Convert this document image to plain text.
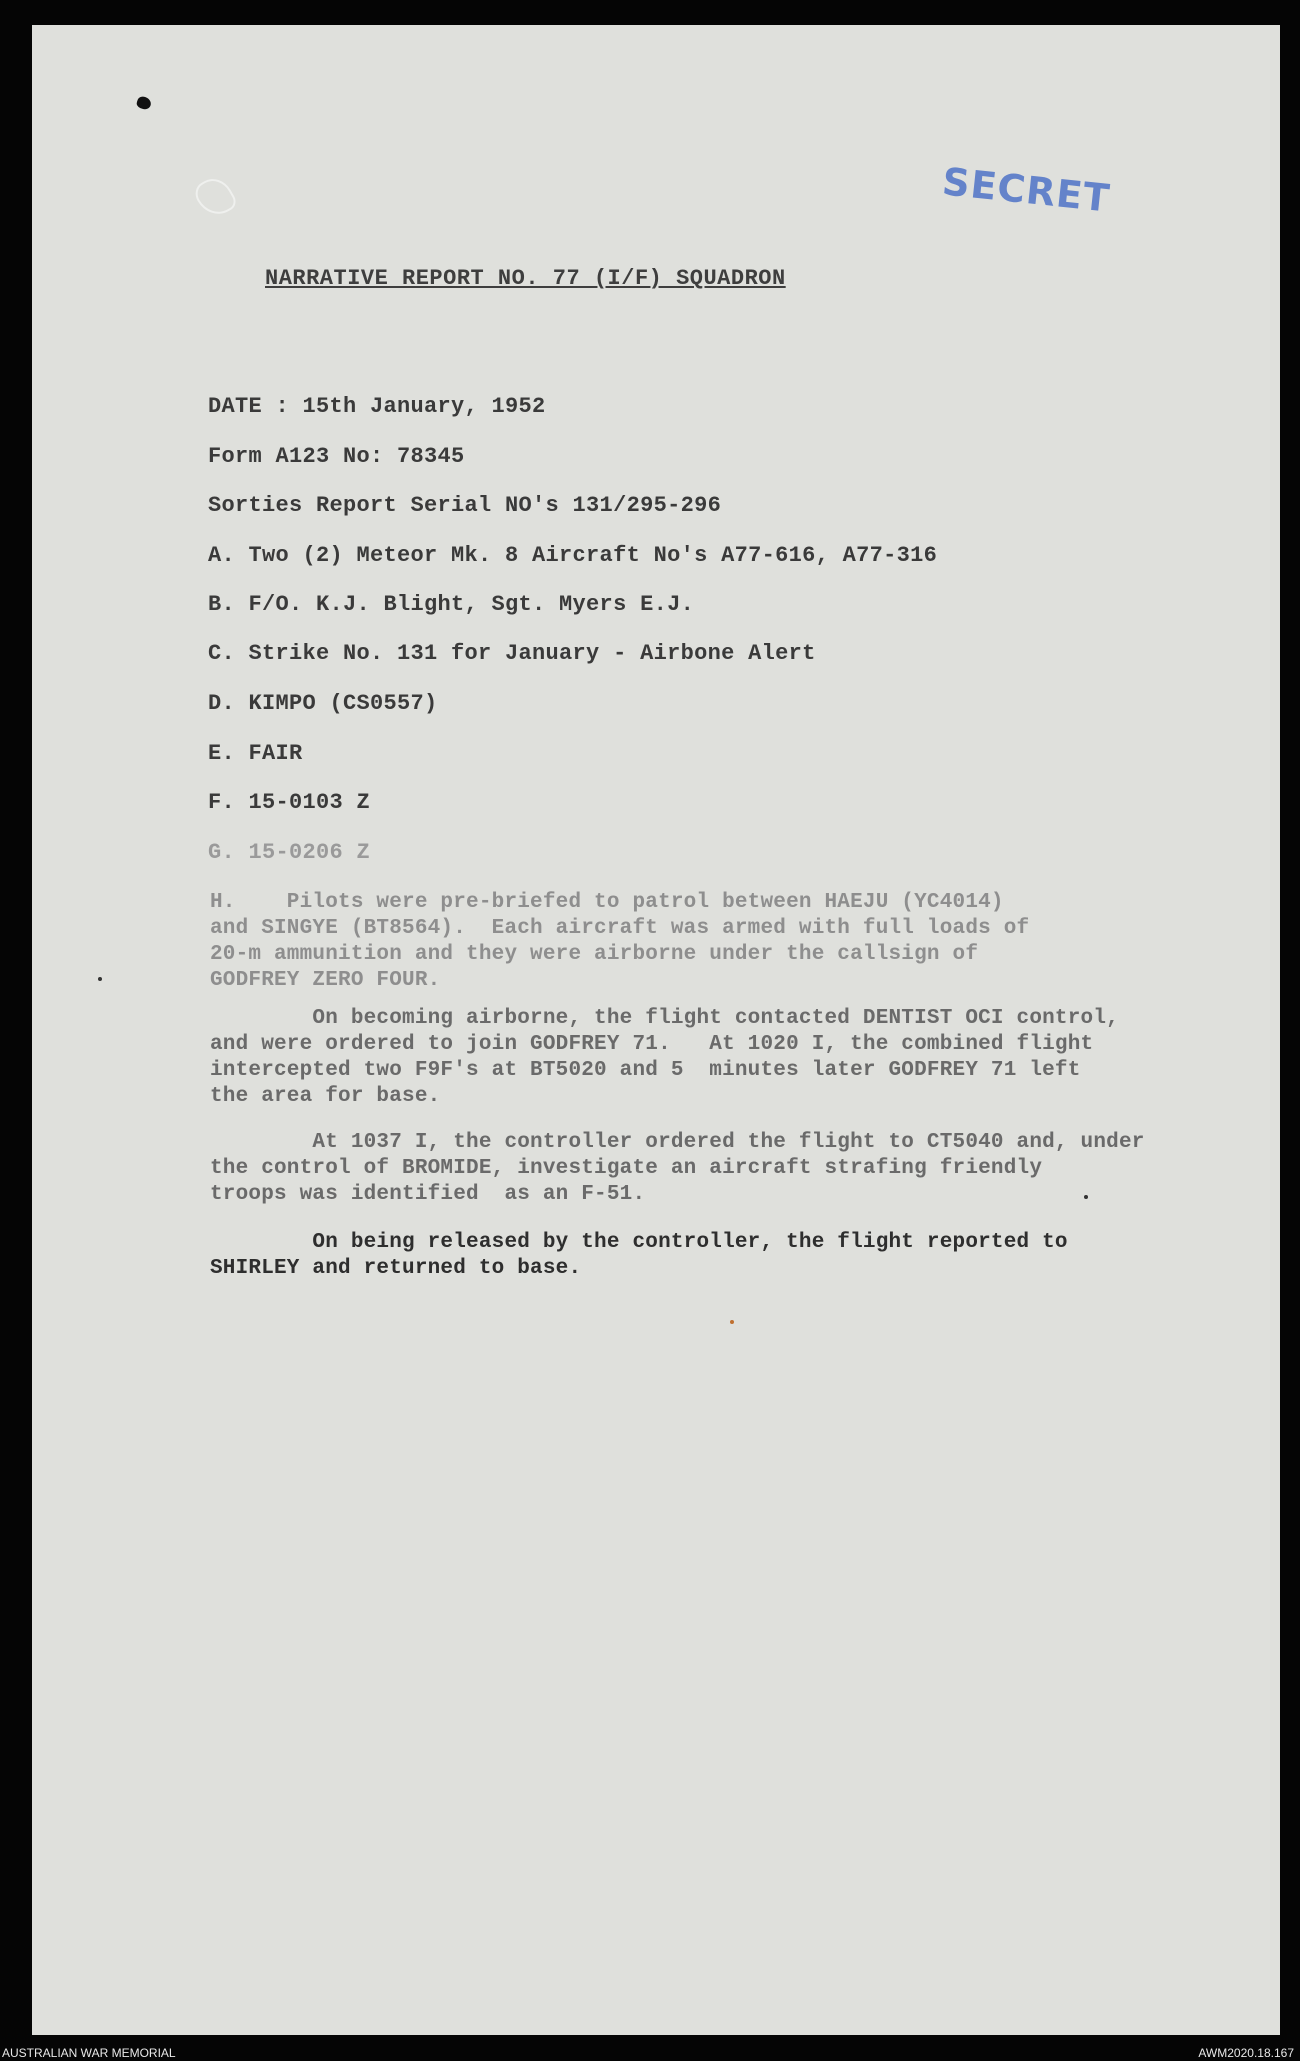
SECRET
NARRATIVE REPORT NO. 77 (I/F) SQUADRON
DATE : 15th January, 1952
Form A123 No: 78345
Sorties Report Serial NO's 131/295-296
A. Two (2) Meteor Mk. 8 Aircraft No's A77-616, A77-316
B. F/O. K.J. Blight, Sgt. Myers E.J.
C. Strike No. 131 for January - Airbone Alert
D. KIMPO (CS0557)
E. FAIR
F. 15-0103 Z
G. 15-0206 Z
H.    Pilots were pre-briefed to patrol between HAEJU (YC4014)
and SINGYE (BT8564).  Each aircraft was armed with full loads of
20-m ammunition and they were airborne under the callsign of
GODFREY ZERO FOUR.
On becoming airborne, the flight contacted DENTIST OCI control,
and were ordered to join GODFREY 71.   At 1020 I, the combined flight
intercepted two F9F's at BT5020 and 5  minutes later GODFREY 71 left
the area for base.
At 1037 I, the controller ordered the flight to CT5040 and, under
the control of BROMIDE, investigate an aircraft strafing friendly
troops was identified  as an F-51.
On being released by the controller, the flight reported to
SHIRLEY and returned to base.
AUSTRALIAN WAR MEMORIAL	AWM2020.18.167
